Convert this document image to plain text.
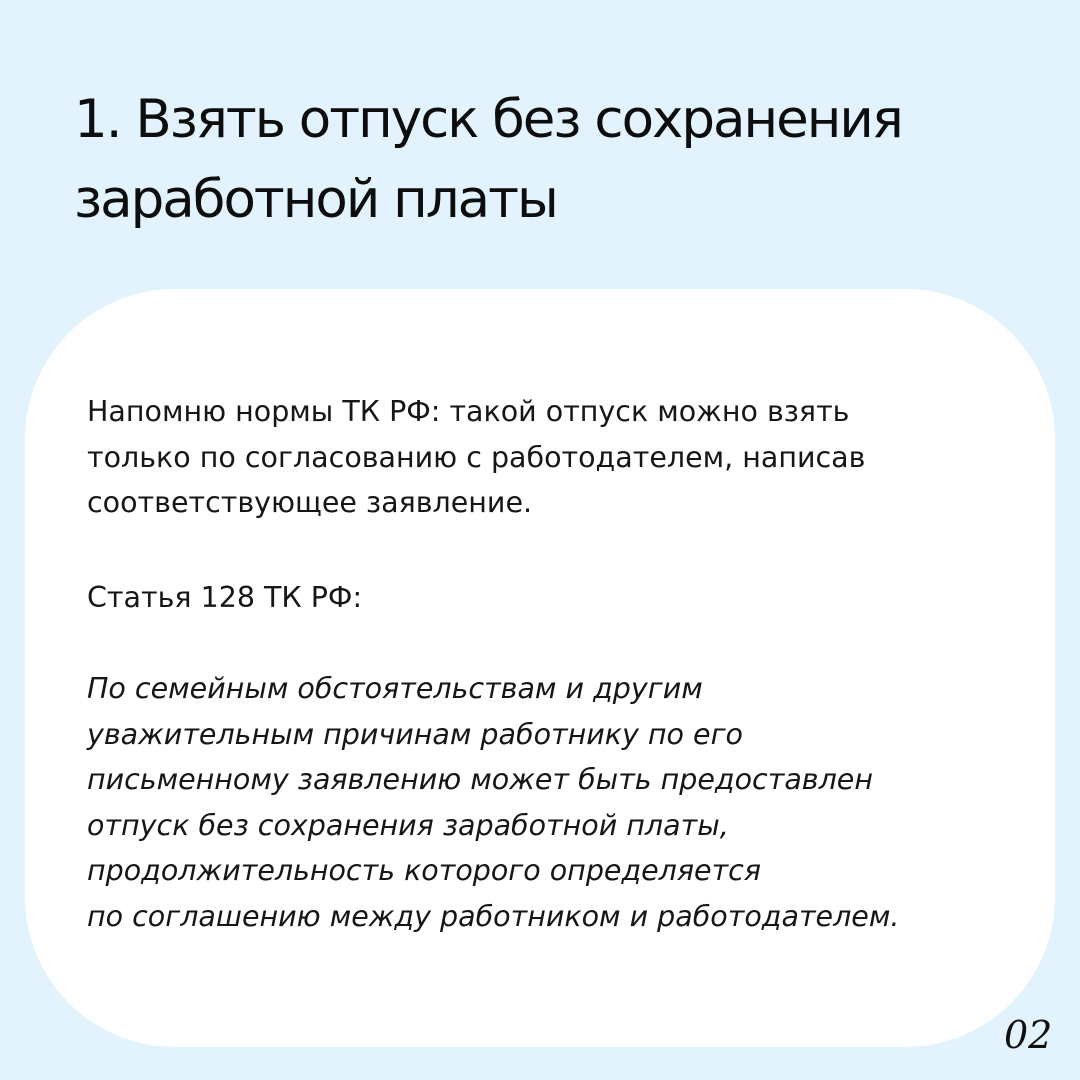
1. Взять отпуск без сохранения
заработной платы

Напомню нормы ТК РФ: такой отпуск можно взять
только по согласованию с работодателем, написав
соответствующее заявление.

Статья 128 ТК РФ:

По семейным обстоятельствам и другим
уважительным причинам работнику по его
письменному заявлению может быть предоставлен
отпуск без сохранения заработной платы,
продолжительность которого определяется
по соглашению между работником и работодателем.

02
